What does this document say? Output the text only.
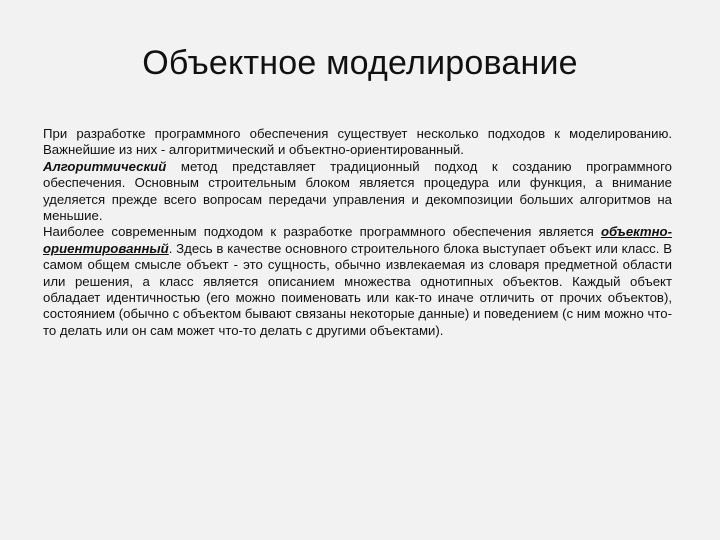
Объектное моделирование

При разработке программного обеспечения существует несколько подходов к моделированию. Важнейшие из них - алгоритмический и объектно-ориентированный.

Алгоритмический метод представляет традиционный подход к созданию программного обеспечения. Основным строительным блоком является процедура или функция, а внимание уделяется прежде всего вопросам передачи управления и декомпозиции больших алгоритмов на меньшие.

Наиболее современным подходом к разработке программного обеспечения является объектно-ориентированный. Здесь в качестве основного строительного блока выступает объект или класс. В самом общем смысле объект - это сущность, обычно извлекаемая из словаря предметной области или решения, а класс является описанием множества однотипных объектов. Каждый объект обладает идентичностью (его можно поименовать или как-то иначе отличить от прочих объектов), состоянием (обычно с объектом бывают связаны некоторые данные) и поведением (с ним можно что-то делать или он сам может что-то делать с другими объектами).
